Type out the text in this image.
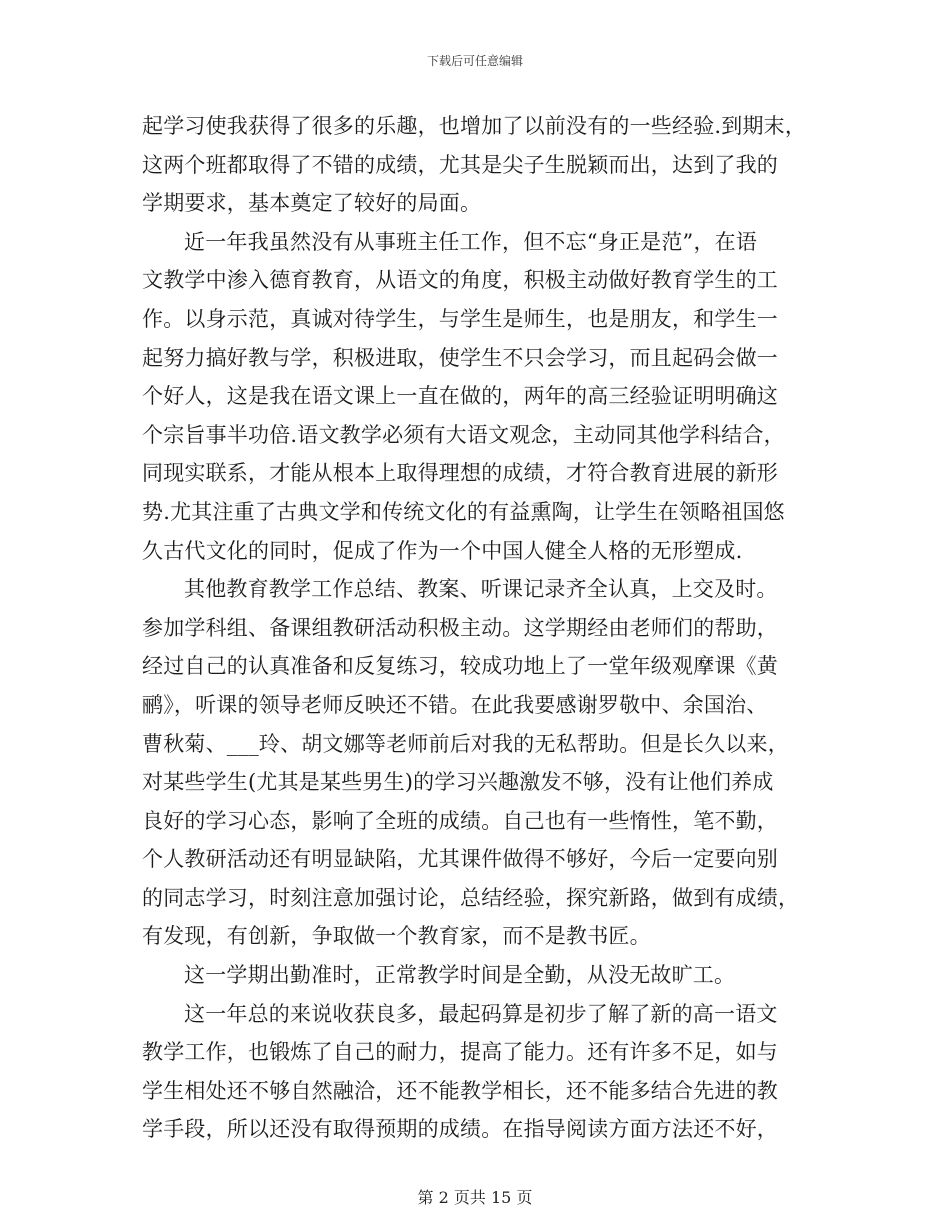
下载后可任意编辑
起学习使我获得了很多的乐趣，也增加了以前没有的一些经验.到期末，
这两个班都取得了不错的成绩，尤其是尖子生脱颖而出，达到了我的
学期要求，基本奠定了较好的局面。
近一年我虽然没有从事班主任工作，但不忘“身正是范”，在语
文教学中渗入德育教育，从语文的角度，积极主动做好教育学生的工
作。以身示范，真诚对待学生，与学生是师生，也是朋友，和学生一
起努力搞好教与学，积极进取，使学生不只会学习，而且起码会做一
个好人，这是我在语文课上一直在做的，两年的高三经验证明明确这
个宗旨事半功倍.语文教学必须有大语文观念，主动同其他学科结合，
同现实联系，才能从根本上取得理想的成绩，才符合教育进展的新形
势.尤其注重了古典文学和传统文化的有益熏陶，让学生在领略祖国悠
久古代文化的同时，促成了作为一个中国人健全人格的无形塑成.
其他教育教学工作总结、教案、听课记录齐全认真，上交及时。
参加学科组、备课组教研活动积极主动。这学期经由老师们的帮助，
经过自己的认真准备和反复练习，较成功地上了一堂年级观摩课《黄
鹂》，听课的领导老师反映还不错。在此我要感谢罗敬中、余国治、
曹秋菊、___玲、胡文娜等老师前后对我的无私帮助。但是长久以来，
对某些学生(尤其是某些男生)的学习兴趣激发不够，没有让他们养成
良好的学习心态，影响了全班的成绩。自己也有一些惰性，笔不勤，
个人教研活动还有明显缺陷，尤其课件做得不够好，今后一定要向别
的同志学习，时刻注意加强讨论，总结经验，探究新路，做到有成绩，
有发现，有创新，争取做一个教育家，而不是教书匠。
这一学期出勤准时，正常教学时间是全勤，从没无故旷工。
这一年总的来说收获良多，最起码算是初步了解了新的高一语文
教学工作，也锻炼了自己的耐力，提高了能力。还有许多不足，如与
学生相处还不够自然融洽，还不能教学相长，还不能多结合先进的教
学手段，所以还没有取得预期的成绩。在指导阅读方面方法还不好，
第 2 页共 15 页
